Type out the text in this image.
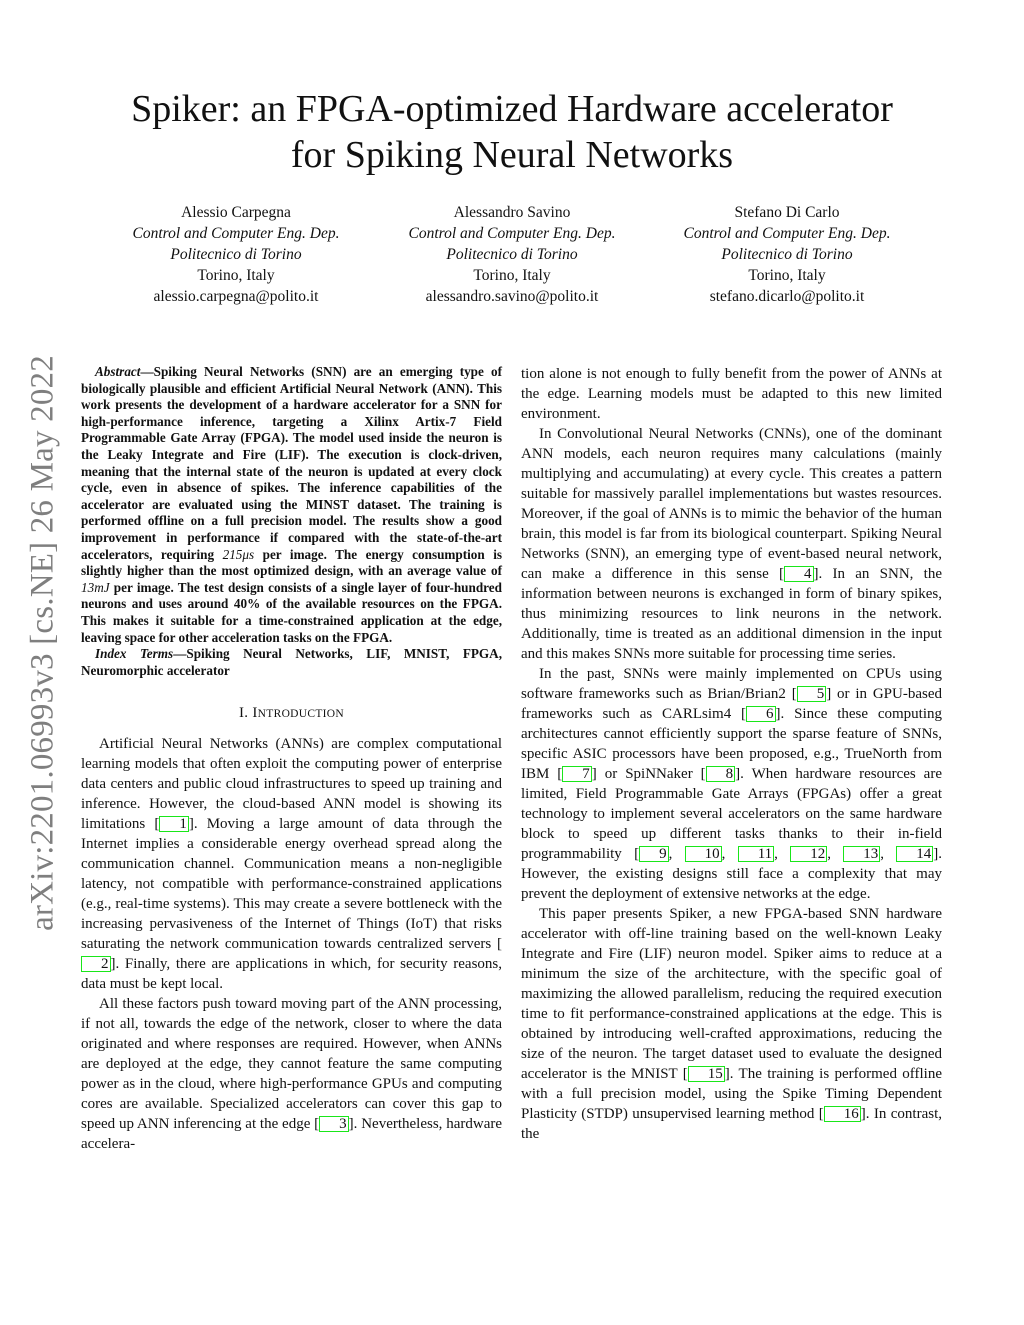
arXiv:2201.06993v3 [cs.NE] 26 May 2022
Spiker: an FPGA-optimized Hardware accelerator
for Spiking Neural Networks
Alessio Carpegna
Control and Computer Eng. Dep.
Politecnico di Torino
Torino, Italy
alessio.carpegna@polito.it
Alessandro Savino
Control and Computer Eng. Dep.
Politecnico di Torino
Torino, Italy
alessandro.savino@polito.it
Stefano Di Carlo
Control and Computer Eng. Dep.
Politecnico di Torino
Torino, Italy
stefano.dicarlo@polito.it

Abstract—Spiking Neural Networks (SNN) are an emerging type of biologically plausible and efficient Artificial Neural Network (ANN). This work presents the development of a hardware accelerator for a SNN for high-performance inference, targeting a Xilinx Artix-7 Field Programmable Gate Array (FPGA). The model used inside the neuron is the Leaky Integrate and Fire (LIF). The execution is clock-driven, meaning that the internal state of the neuron is updated at every clock cycle, even in absence of spikes. The inference capabilities of the accelerator are evaluated using the MINST dataset. The training is performed offline on a full precision model. The results show a good improvement in performance if compared with the state-of-the-art accelerators, requiring 215μs per image. The energy consumption is slightly higher than the most optimized design, with an average value of 13mJ per image. The test design consists of a single layer of four-hundred neurons and uses around 40% of the available resources on the FPGA. This makes it suitable for a time-constrained application at the edge, leaving space for other acceleration tasks on the FPGA.

Index Terms—Spiking Neural Networks, LIF, MNIST, FPGA, Neuromorphic accelerator

I. INTRODUCTION

Artificial Neural Networks (ANNs) are complex computational learning models that often exploit the computing power of enterprise data centers and public cloud infrastructures to speed up training and inference. However, the cloud-based ANN model is showing its limitations [ 1 ]. Moving a large amount of data through the Internet implies a considerable energy overhead spread along the communication channel. Communication means a non-negligible latency, not compatible with performance-constrained applications (e.g., real-time systems). This may create a severe bottleneck with the increasing pervasiveness of the Internet of Things (IoT) that risks saturating the network communication towards centralized servers [2 ]. Finally, there are applications in which, for security reasons, data must be kept local.

All these factors push toward moving part of the ANN processing, if not all, towards the edge of the network, closer to where the data originated and where responses are required. However, when ANNs are deployed at the edge, they cannot feature the same computing power as in the cloud, where high-performance GPUs and computing cores are available. Specialized accelerators can cover this gap to speed up ANN inferencing at the edge [ 3 ]. Nevertheless, hardware accelera-

tion alone is not enough to fully benefit from the power of ANNs at the edge. Learning models must be adapted to this new limited environment.

In Convolutional Neural Networks (CNNs), one of the dominant ANN models, each neuron requires many calculations (mainly multiplying and accumulating) at every cycle. This creates a pattern suitable for massively parallel implementations but wastes resources. Moreover, if the goal of ANNs is to mimic the behavior of the human brain, this model is far from its biological counterpart. Spiking Neural Networks (SNN), an emerging type of event-based neural network, can make a difference in this sense [ 4 ]. In an SNN, the information between neurons is exchanged in form of binary spikes, thus minimizing resources to link neurons in the network. Additionally, time is treated as an additional dimension in the input and this makes SNNs more suitable for processing time series.

In the past, SNNs were mainly implemented on CPUs using software frameworks such as Brian/Brian2 [ 5 ] or in GPU-based frameworks such as CARLsim4 [ 6 ]. Since these computing architectures cannot efficiently support the sparse feature of SNNs, specific ASIC processors have been proposed, e.g., TrueNorth from IBM [ 7 ] or SpiNNaker [ 8 ]. When hardware resources are limited, Field Programmable Gate Arrays (FPGAs) offer a great technology to implement several accelerators on the same hardware block to speed up different tasks thanks to their in-field programmability [ 9 , 10 , 11 , 12 , 13 , 14 ]. However, the existing designs still face a complexity that may prevent the deployment of extensive networks at the edge.

This paper presents Spiker, a new FPGA-based SNN hardware accelerator with off-line training based on the well-known Leaky Integrate and Fire (LIF) neuron model. Spiker aims to reduce at a minimum the size of the architecture, with the specific goal of maximizing the allowed parallelism, reducing the required execution time to fit performance-constrained applications at the edge. This is obtained by introducing well-crafted approximations, reducing the size of the neuron. The target dataset used to evaluate the designed accelerator is the MNIST [ 15 ]. The training is performed offline with a full precision model, using the Spike Timing Dependent Plasticity (STDP) unsupervised learning method [ 16 ]. In contrast, the
